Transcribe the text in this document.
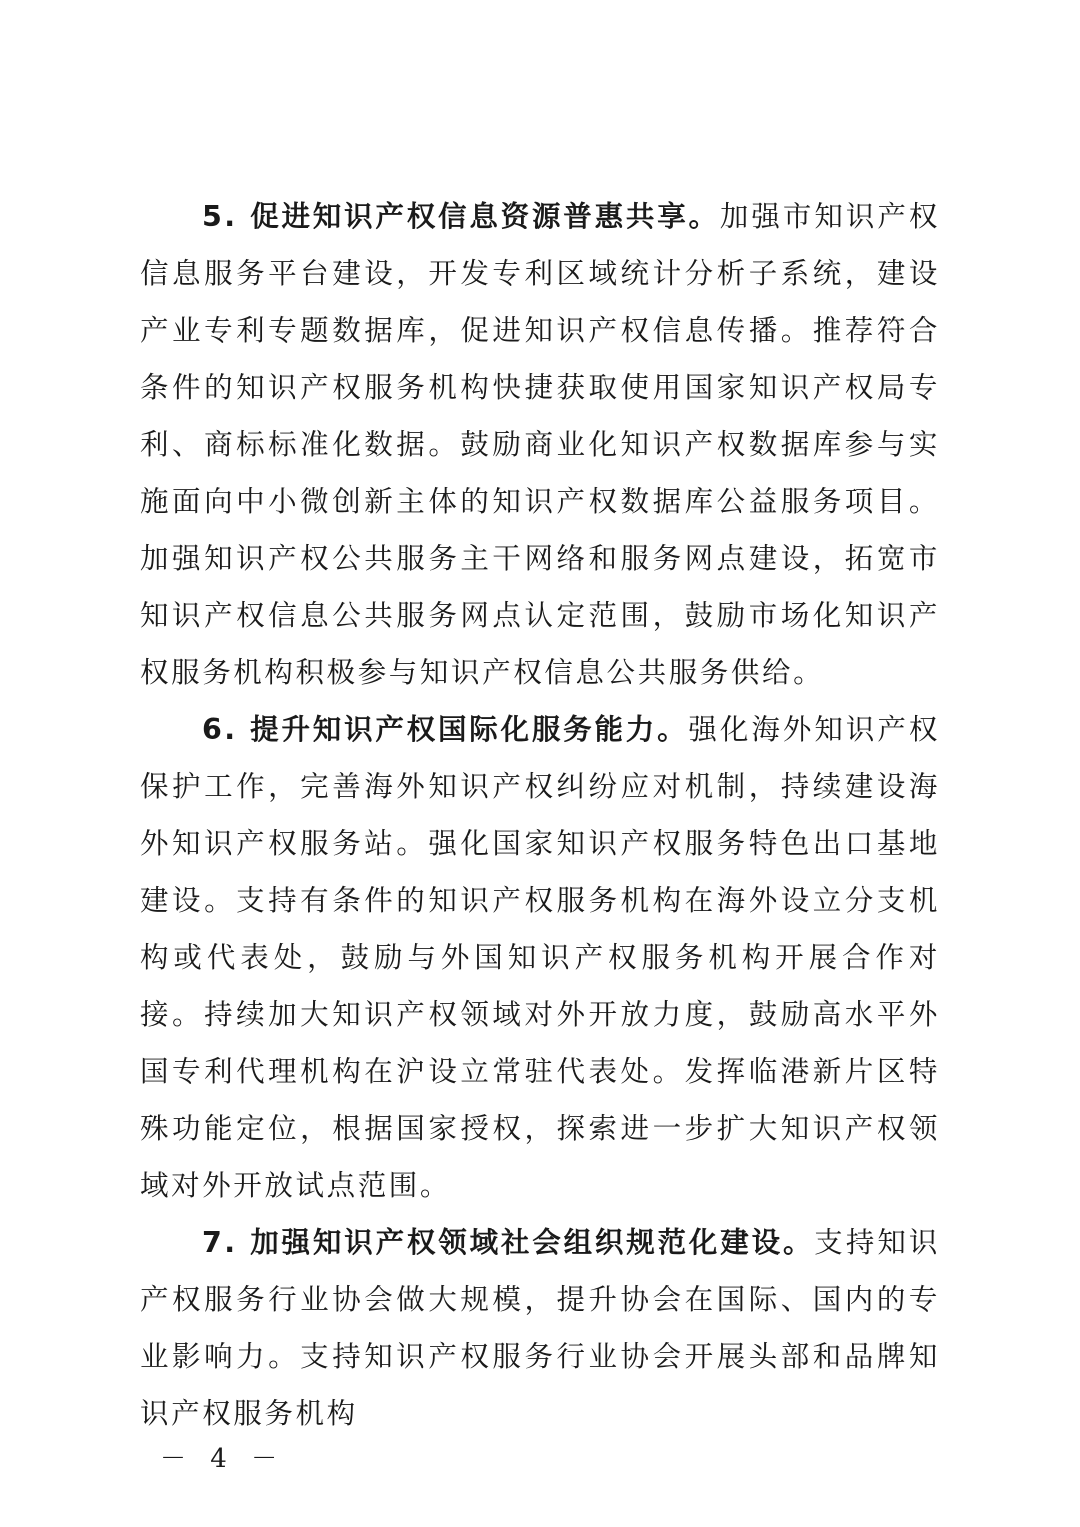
5. 促进知识产权信息资源普惠共享。加强市知识产权信息服务平台建设，开发专利区域统计分析子系统，建设产业专利专题数据库，促进知识产权信息传播。推荐符合条件的知识产权服务机构快捷获取使用国家知识产权局专利、商标标准化数据。鼓励商业化知识产权数据库参与实施面向中小微创新主体的知识产权数据库公益服务项目。加强知识产权公共服务主干网络和服务网点建设，拓宽市知识产权信息公共服务网点认定范围，鼓励市场化知识产权服务机构积极参与知识产权信息公共服务供给。

6. 提升知识产权国际化服务能力。强化海外知识产权保护工作，完善海外知识产权纠纷应对机制，持续建设海外知识产权服务站。强化国家知识产权服务特色出口基地建设。支持有条件的知识产权服务机构在海外设立分支机构或代表处，鼓励与外国知识产权服务机构开展合作对接。持续加大知识产权领域对外开放力度，鼓励高水平外国专利代理机构在沪设立常驻代表处。发挥临港新片区特殊功能定位，根据国家授权，探索进一步扩大知识产权领域对外开放试点范围。

7. 加强知识产权领域社会组织规范化建设。支持知识产权服务行业协会做大规模，提升协会在国际、国内的专业影响力。支持知识产权服务行业协会开展头部和品牌知识产权服务机构

－ 4 －
